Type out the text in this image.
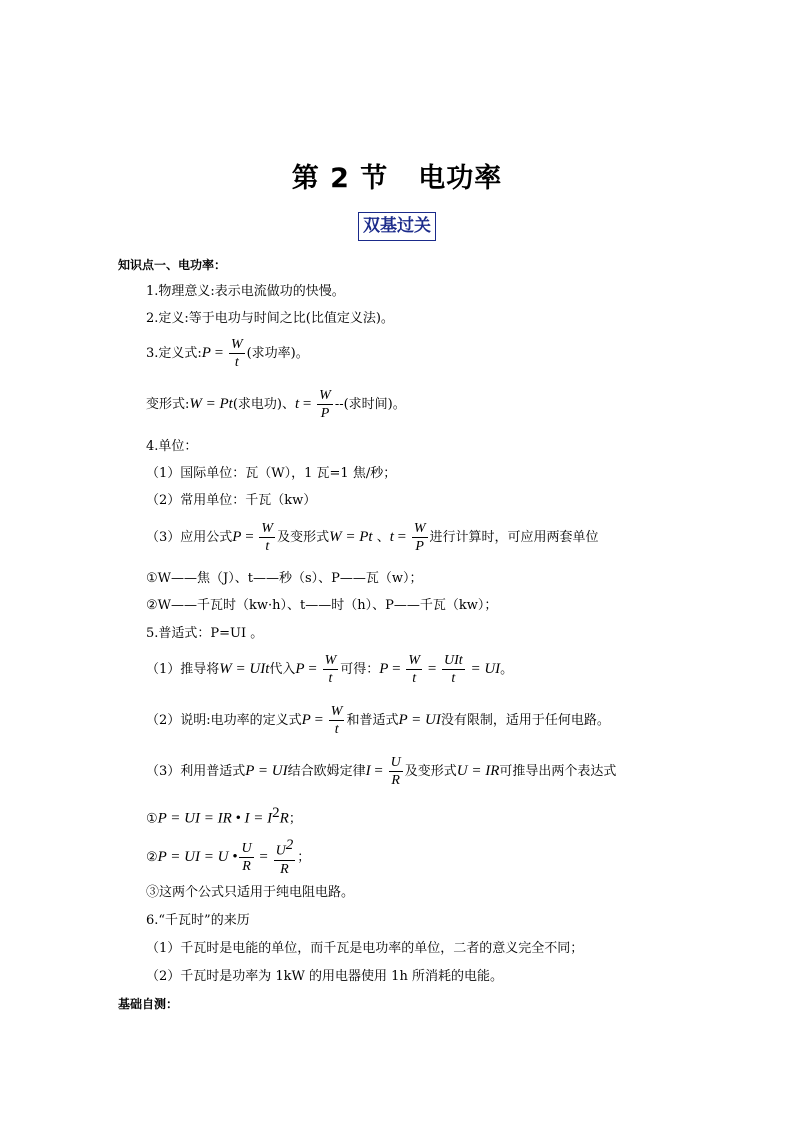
第 2 节 电功率
双基过关
知识点一、电功率：
1.物理意义:表示电流做功的快慢。
2.定义:等于电功与时间之比(比值定义法)。
3.定义式:P = $\frac{W}{t}$ (求功率)。
变形式:W = Pt(求电功)、$t = \frac{W}{P}$ --(求时间)。
4.单位：
（1）国际单位：瓦（W），1 瓦=1 焦/秒；
（2）常用单位：千瓦（kw）
（3）应用公式$P = \frac{W}{t}$ 及变形式W = Pt 、$t = \frac{W}{P}$ 进行计算时，可应用两套单位
①W——焦（J）、t——秒（s）、P——瓦（w）；
②W——千瓦时（kw·h）、t——时（h）、P——千瓦（kw）；
5.普适式：P=UI 。
（1）推导将W = UIt代入$P = \frac{W}{t}$ 可得：$P = \frac{W}{t} = \frac{\text{UIt}}{t}$ = UI。
（2）说明:电功率的定义式$P = \frac{W}{t}$ 和普适式P = UI没有限制，适用于任何电路。
（3）利用普适式P = UI结合欧姆定律$I = \frac{U}{R}$ 及变形式U = IR可推导出两个表达式
①P = UI = IR • $I = I^2R$；
②P = UI = U • $\frac{U}{R} = \frac{U^2}{R}$ ；
③这两个公式只适用于纯电阻电路。
6.“千瓦时”的来历
（1）千瓦时是电能的单位，而千瓦是电功率的单位，二者的意义完全不同；
（2）千瓦时是功率为 1kW 的用电器使用 1h 所消耗的电能。
基础自测：
